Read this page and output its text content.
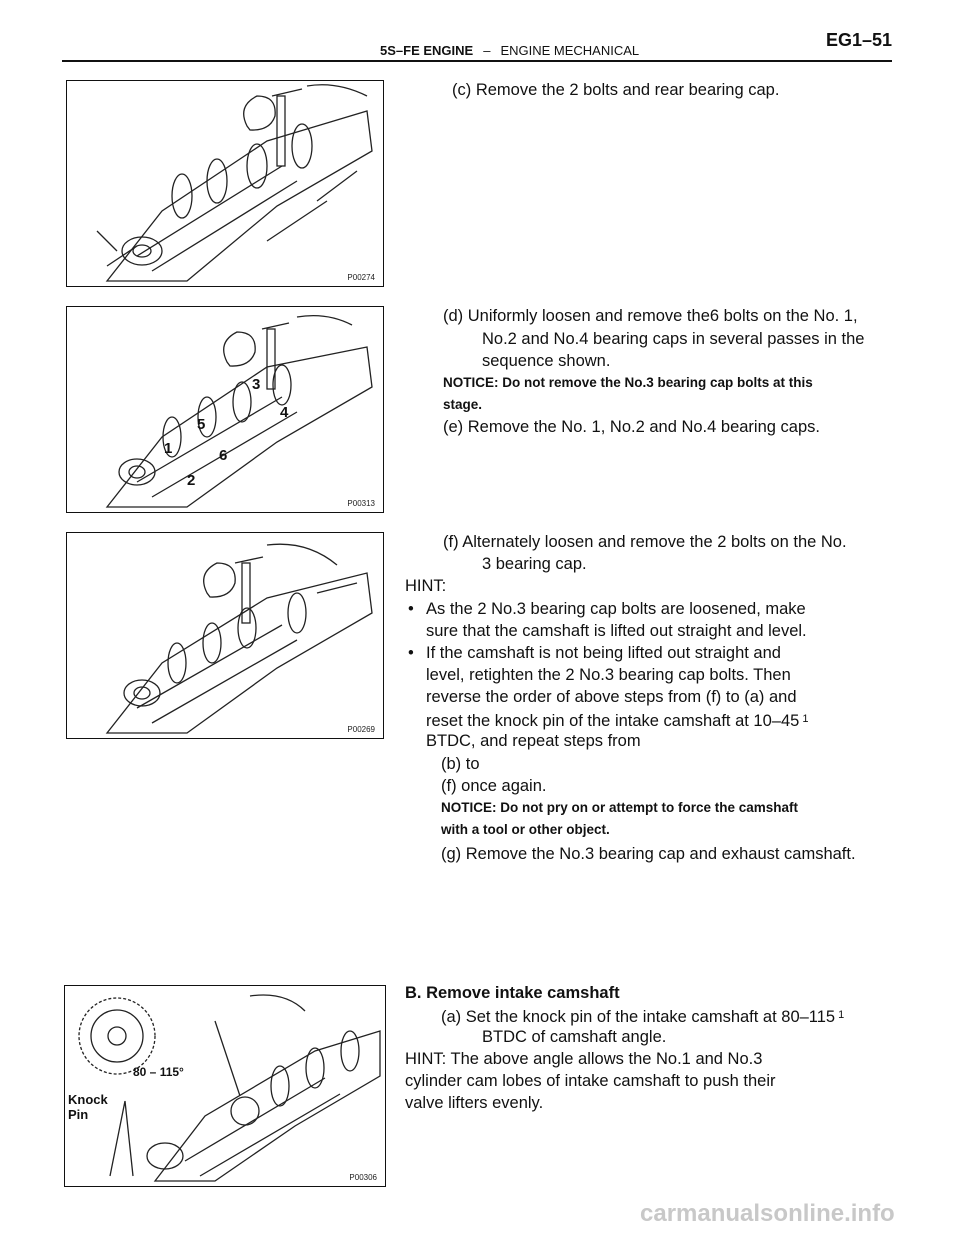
5S–FE ENGINE – ENGINE MECHANICAL
EG1–51
P00274
1
2
3
4
5
6
P00313
P00269
Knock
Pin
80 – 115°
P00306
(c) Remove the 2 bolts and rear bearing cap.
(d) Uniformly loosen and remove the6 bolts on the No. 1,
No.2 and No.4 bearing caps in several passes in the
sequence shown.
NOTICE: Do not remove the No.3 bearing cap bolts at this
stage.
(e) Remove the No. 1, No.2 and No.4 bearing caps.
(f) Alternately loosen and remove the 2 bolts on the No.
3 bearing cap.
HINT:
• As the 2 No.3 bearing cap bolts are loosened, make
sure that the camshaft is lifted out straight and level.
• If the camshaft is not being lifted out straight and
level, retighten the 2 No.3 bearing cap bolts. Then
reverse the order of above steps from (f) to (a) and
reset the knock pin of the intake camshaft at 10–45 $^1$
BTDC, and repeat steps from
(b) to
(f) once again.
NOTICE: Do not pry on or attempt to force the camshaft
with a tool or other object.
(g) Remove the No.3 bearing cap and exhaust camshaft.
B. Remove intake camshaft
(a) Set the knock pin of the intake camshaft at 80–115 $^1$
BTDC of camshaft angle.
HINT: The above angle allows the No.1 and No.3
cylinder cam lobes of intake camshaft to push their
valve lifters evenly.
carmanualsonline.info
